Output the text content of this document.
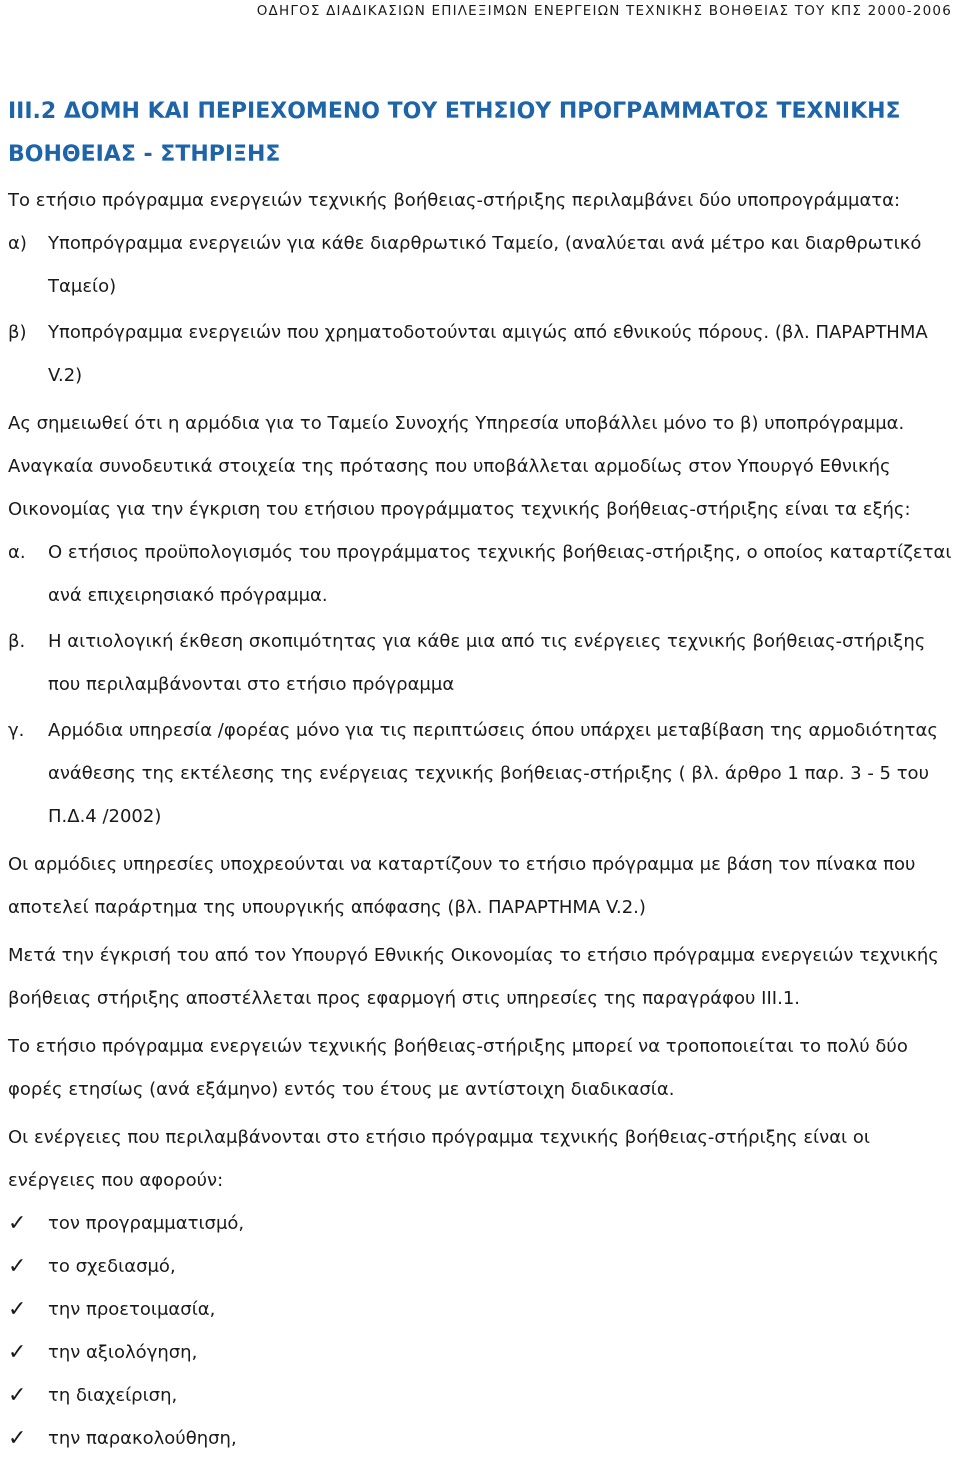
ΟΔΗΓΟΣ ΔΙΑΔΙΚΑΣΙΩΝ ΕΠΙΛΕΞΙΜΩΝ ΕΝΕΡΓΕΙΩΝ ΤΕΧΝΙΚΗΣ ΒΟΗΘΕΙΑΣ ΤΟΥ ΚΠΣ 2000-2006
III.2 ΔΟΜΗ ΚΑΙ ΠΕΡΙΕΧΟΜΕΝΟ ΤΟΥ ΕΤΗΣΙΟΥ ΠΡΟΓΡΑΜΜΑΤΟΣ ΤΕΧΝΙΚΗΣ ΒΟΗΘΕΙΑΣ - ΣΤΗΡΙΞΗΣ

Το ετήσιο πρόγραμμα ενεργειών τεχνικής βοήθειας-στήριξης περιλαμβάνει δύο υποπρογράμματα:

α)	Υποπρόγραμμα ενεργειών για κάθε διαρθρωτικό Ταμείο, (αναλύεται ανά μέτρο και διαρθρωτικό Ταμείο)
β)	Υποπρόγραμμα ενεργειών που χρηματοδοτούνται αμιγώς από εθνικούς πόρους. (βλ. ΠΑΡΑΡΤΗΜΑ V.2)

Ας σημειωθεί ότι η αρμόδια για το Ταμείο Συνοχής Υπηρεσία υποβάλλει μόνο το β) υποπρόγραμμα.

Αναγκαία συνοδευτικά στοιχεία της πρότασης που υποβάλλεται αρμοδίως στον Υπουργό Εθνικής Οικονομίας για την έγκριση του ετήσιου προγράμματος τεχνικής βοήθειας-στήριξης είναι τα εξής:

α.	Ο ετήσιος προϋπολογισμός του προγράμματος τεχνικής βοήθειας-στήριξης, ο οποίος καταρτίζεται ανά επιχειρησιακό πρόγραμμα.
β.	Η αιτιολογική έκθεση σκοπιμότητας για κάθε μια από τις ενέργειες τεχνικής βοήθειας-στήριξης που περιλαμβάνονται στο ετήσιο πρόγραμμα
γ.	Αρμόδια υπηρεσία /φορέας μόνο για τις περιπτώσεις όπου υπάρχει μεταβίβαση της αρμοδιότητας ανάθεσης της εκτέλεσης της ενέργειας τεχνικής βοήθειας-στήριξης ( βλ. άρθρο 1 παρ. 3 - 5 του Π.Δ.4 /2002)

Οι αρμόδιες υπηρεσίες υποχρεούνται να καταρτίζουν το ετήσιο πρόγραμμα με βάση τον πίνακα που αποτελεί παράρτημα της υπουργικής απόφασης (βλ. ΠΑΡΑΡΤΗΜΑ V.2.)

Μετά την έγκρισή του από τον Υπουργό Εθνικής Οικονομίας το ετήσιο πρόγραμμα ενεργειών τεχνικής βοήθειας στήριξης αποστέλλεται προς εφαρμογή στις υπηρεσίες της παραγράφου III.1.

Το ετήσιο πρόγραμμα ενεργειών τεχνικής βοήθειας-στήριξης μπορεί να τροποποιείται το πολύ δύο φορές ετησίως (ανά εξάμηνο) εντός του έτους με αντίστοιχη διαδικασία.

Οι ενέργειες που περιλαμβάνονται στο ετήσιο πρόγραμμα τεχνικής βοήθειας-στήριξης είναι οι ενέργειες που αφορούν:

✓	τον προγραμματισμό,
✓	το σχεδιασμό,
✓	την προετοιμασία,
✓	την αξιολόγηση,
✓	τη διαχείριση,
✓	την παρακολούθηση,
